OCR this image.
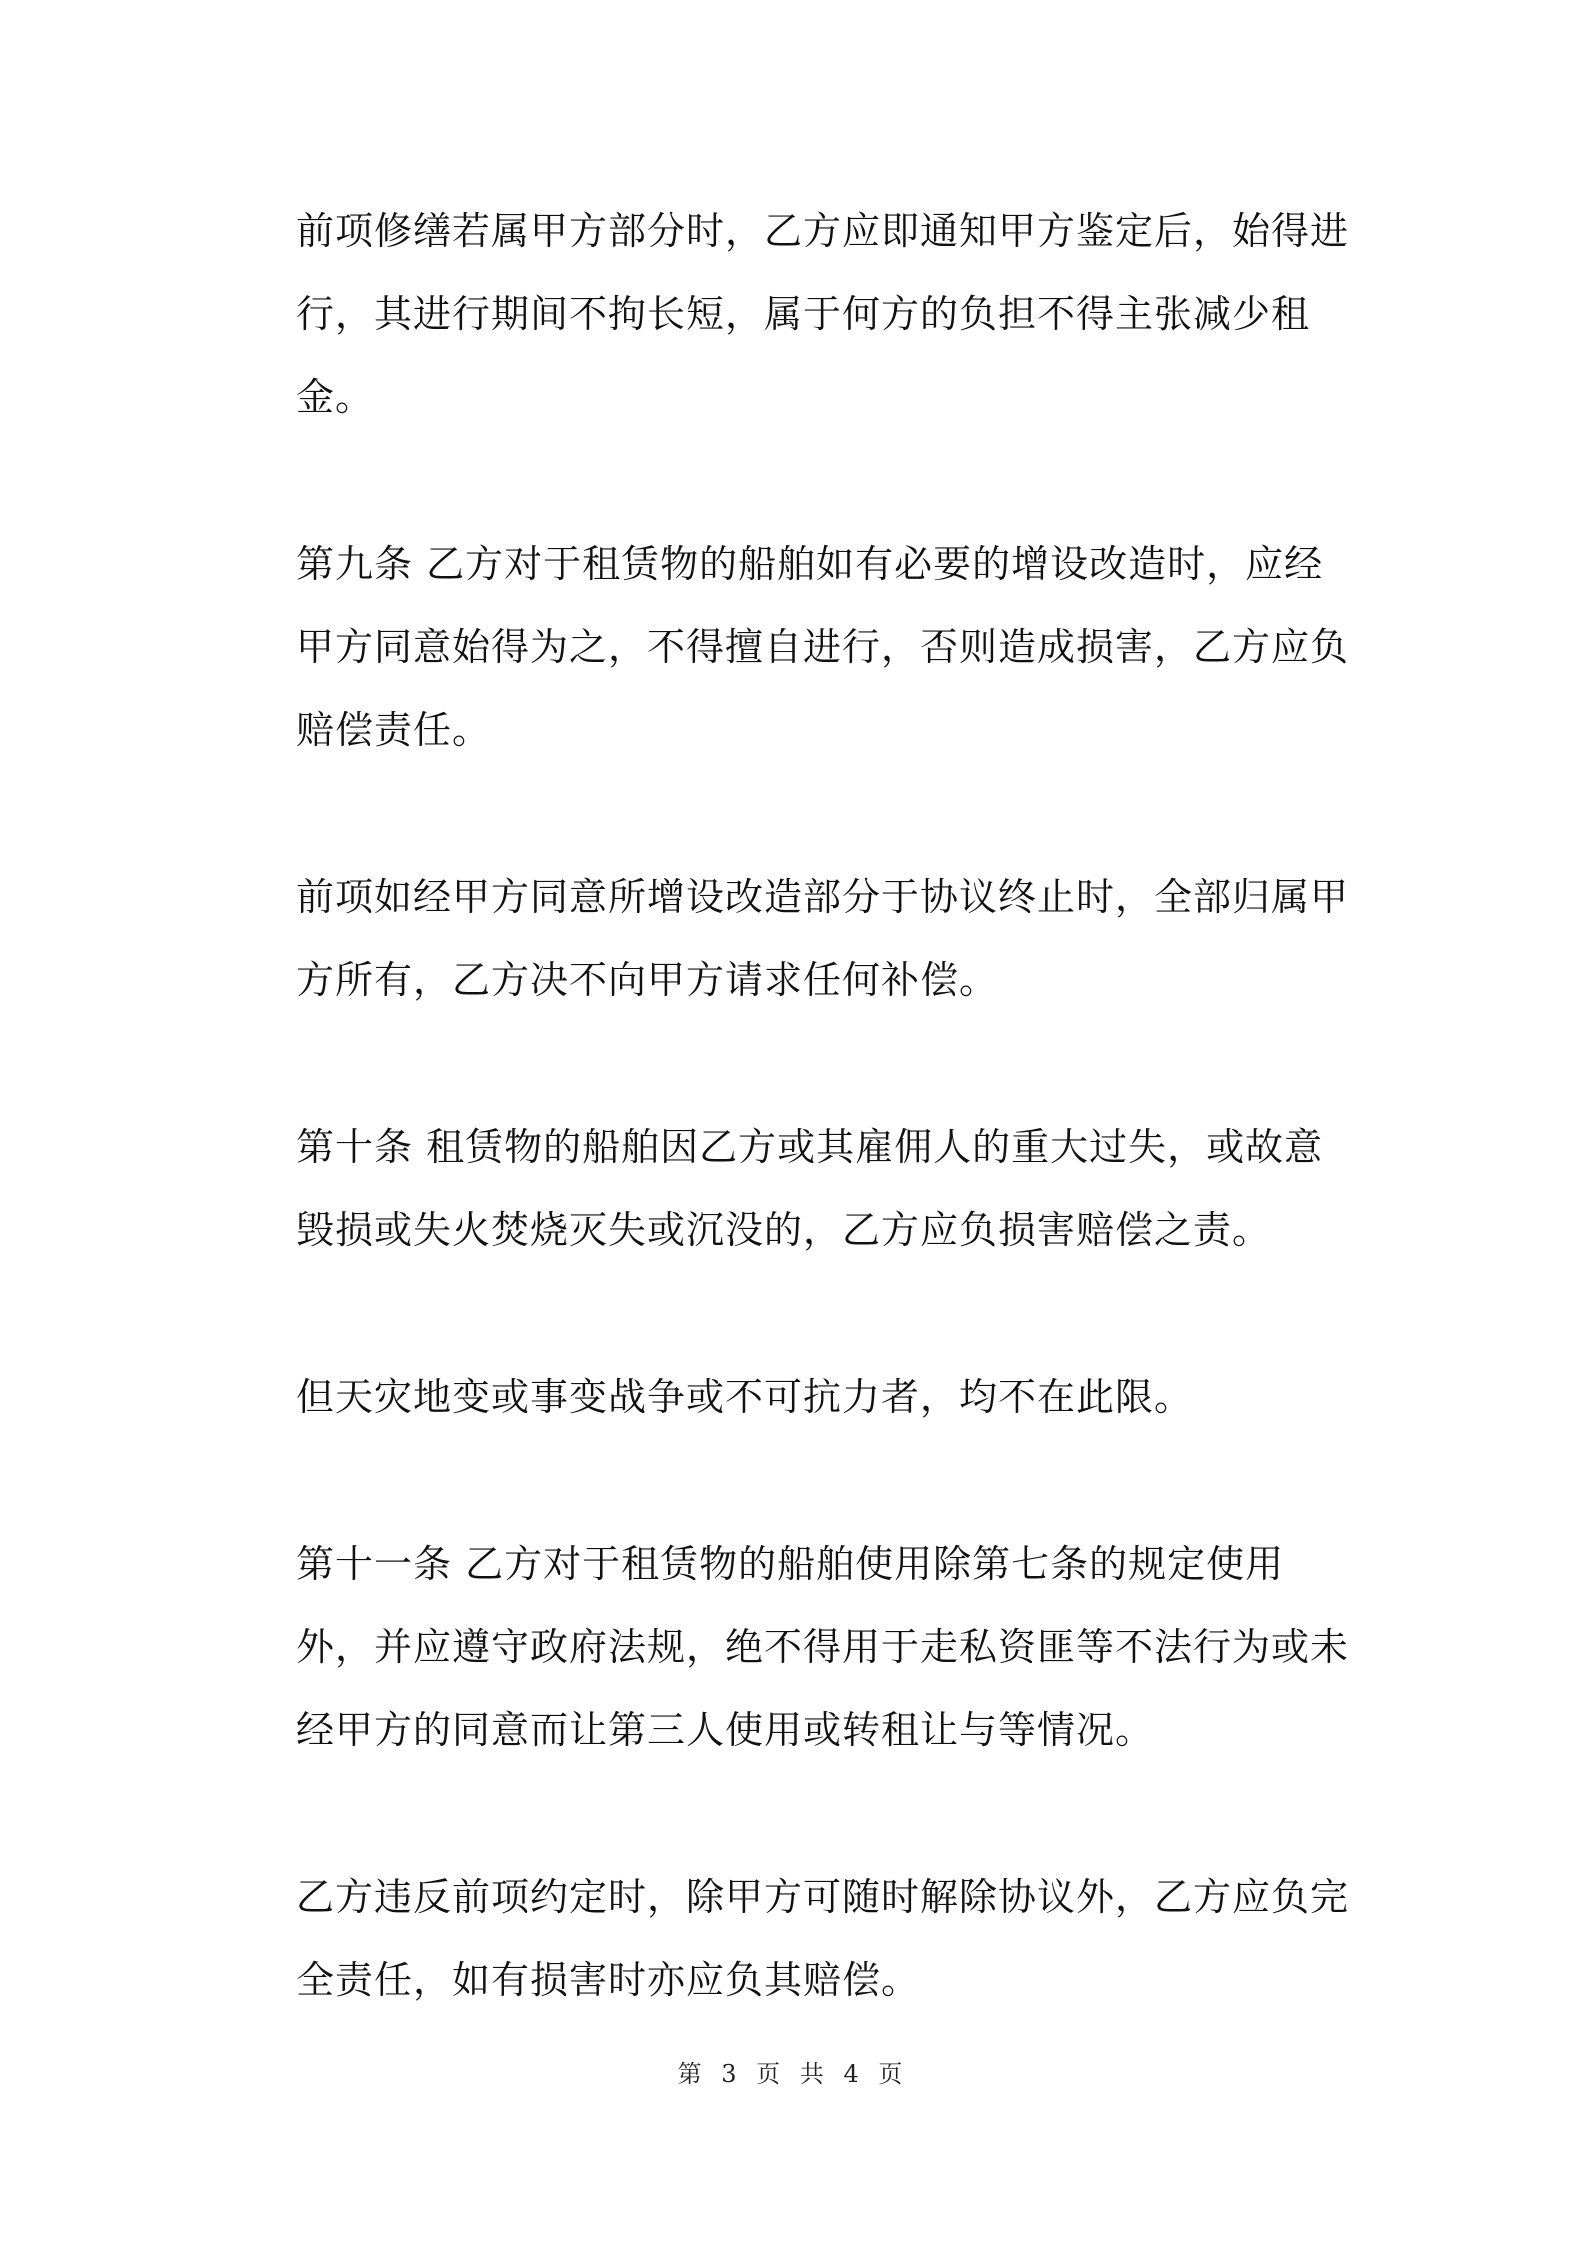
前项修缮若属甲方部分时，乙方应即通知甲方鉴定后，始得进行，其进行期间不拘长短，属于何方的负担不得主张减少租金。

第九条 乙方对于租赁物的船舶如有必要的增设改造时，应经甲方同意始得为之，不得擅自进行，否则造成损害，乙方应负赔偿责任。

前项如经甲方同意所增设改造部分于协议终止时，全部归属甲方所有，乙方决不向甲方请求任何补偿。

第十条 租赁物的船舶因乙方或其雇佣人的重大过失，或故意毁损或失火焚烧灭失或沉没的，乙方应负损害赔偿之责。

但天灾地变或事变战争或不可抗力者，均不在此限。

第十一条 乙方对于租赁物的船舶使用除第七条的规定使用外，并应遵守政府法规，绝不得用于走私资匪等不法行为或未经甲方的同意而让第三人使用或转租让与等情况。

乙方违反前项约定时，除甲方可随时解除协议外，乙方应负完全责任，如有损害时亦应负其赔偿。

第 3 页 共 4 页
